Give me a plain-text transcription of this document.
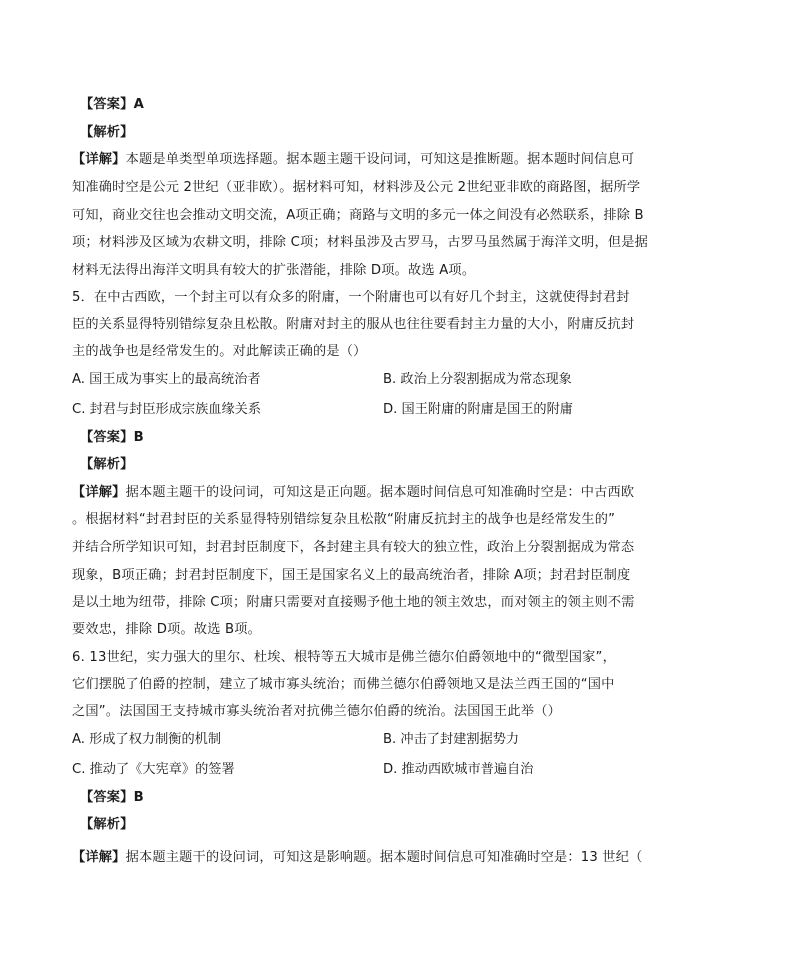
【答案】A
【解析】
【详解】本题是单类型单项选择题。据本题主题干设问词，可知这是推断题。据本题时间信息可
知准确时空是公元 2世纪（亚非欧）。据材料可知，材料涉及公元 2世纪亚非欧的商路图，据所学
可知，商业交往也会推动文明交流，A项正确；商路与文明的多元一体之间没有必然联系，排除 B
项；材料涉及区域为农耕文明，排除 C项；材料虽涉及古罗马，古罗马虽然属于海洋文明，但是据
材料无法得出海洋文明具有较大的扩张潜能，排除 D项。故选 A项。
5．在中古西欧，一个封主可以有众多的附庸，一个附庸也可以有好几个封主，这就使得封君封
臣的关系显得特别错综复杂且松散。附庸对封主的服从也往往要看封主力量的大小，附庸反抗封
主的战争也是经常发生的。对此解读正确的是（）
A. 国王成为事实上的最高统治者	B. 政治上分裂割据成为常态现象
C. 封君与封臣形成宗族血缘关系	D. 国王附庸的附庸是国王的附庸
【答案】B
【解析】
【详解】据本题主题干的设问词，可知这是正向题。据本题时间信息可知准确时空是：中古西欧
。根据材料“封君封臣的关系显得特别错综复杂且松散“附庸反抗封主的战争也是经常发生的”
并结合所学知识可知，封君封臣制度下，各封建主具有较大的独立性，政治上分裂割据成为常态
现象，B项正确；封君封臣制度下，国王是国家名义上的最高统治者，排除 A项；封君封臣制度
是以土地为纽带，排除 C项；附庸只需要对直接赐予他土地的领主效忠，而对领主的领主则不需
要效忠，排除 D项。故选 B项。
6. 13世纪，实力强大的里尔、杜埃、根特等五大城市是佛兰德尔伯爵领地中的“微型国家”，
它们摆脱了伯爵的控制，建立了城市寡头统治；而佛兰德尔伯爵领地又是法兰西王国的“国中
之国”。法国国王支持城市寡头统治者对抗佛兰德尔伯爵的统治。法国国王此举（）
A. 形成了权力制衡的机制	B. 冲击了封建割据势力
C. 推动了《大宪章》的签署	D. 推动西欧城市普遍自治
【答案】B
【解析】
【详解】据本题主题干的设问词，可知这是影响题。据本题时间信息可知准确时空是：13 世纪（
